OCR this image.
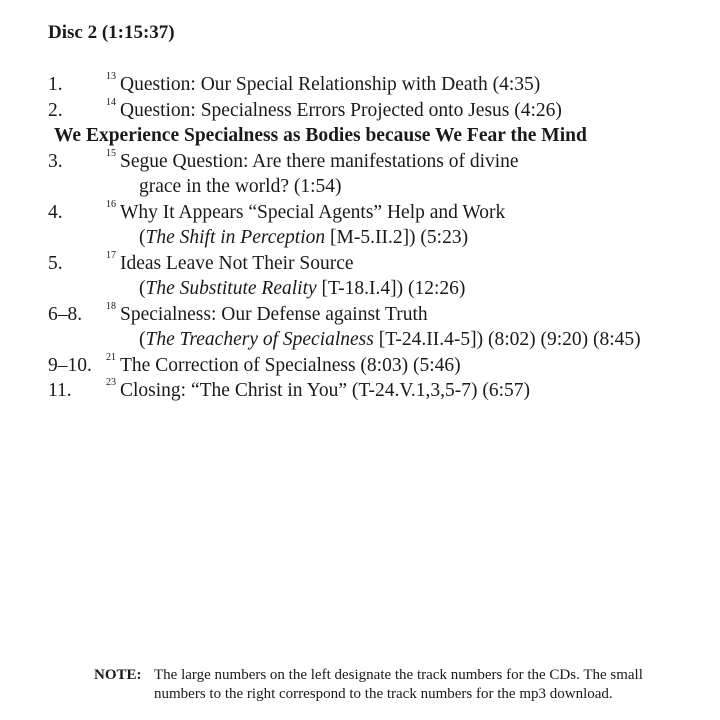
Disc 2 (1:15:37)
1.	13 Question: Our Special Relationship with Death (4:35)
2.	14 Question: Specialness Errors Projected onto Jesus (4:26)
We Experience Specialness as Bodies because We Fear the Mind
3.	15 Segue Question: Are there manifestations of divine
grace in the world? (1:54)
4.	16 Why It Appears “Special Agents” Help and Work
(The Shift in Perception [M-5.II.2]) (5:23)
5.	17 Ideas Leave Not Their Source
(The Substitute Reality [T-18.I.4]) (12:26)
6–8. 18 Specialness: Our Defense against Truth
(The Treachery of Specialness [T-24.II.4-5]) (8:02) (9:20) (8:45)
9–10. 21 The Correction of Specialness (8:03) (5:46)
11.	23 Closing: “The Christ in You” (T-24.V.1,3,5-7) (6:57)
NOTE: The large numbers on the left designate the track numbers for the CDs. The small
numbers to the right correspond to the track numbers for the mp3 download.
